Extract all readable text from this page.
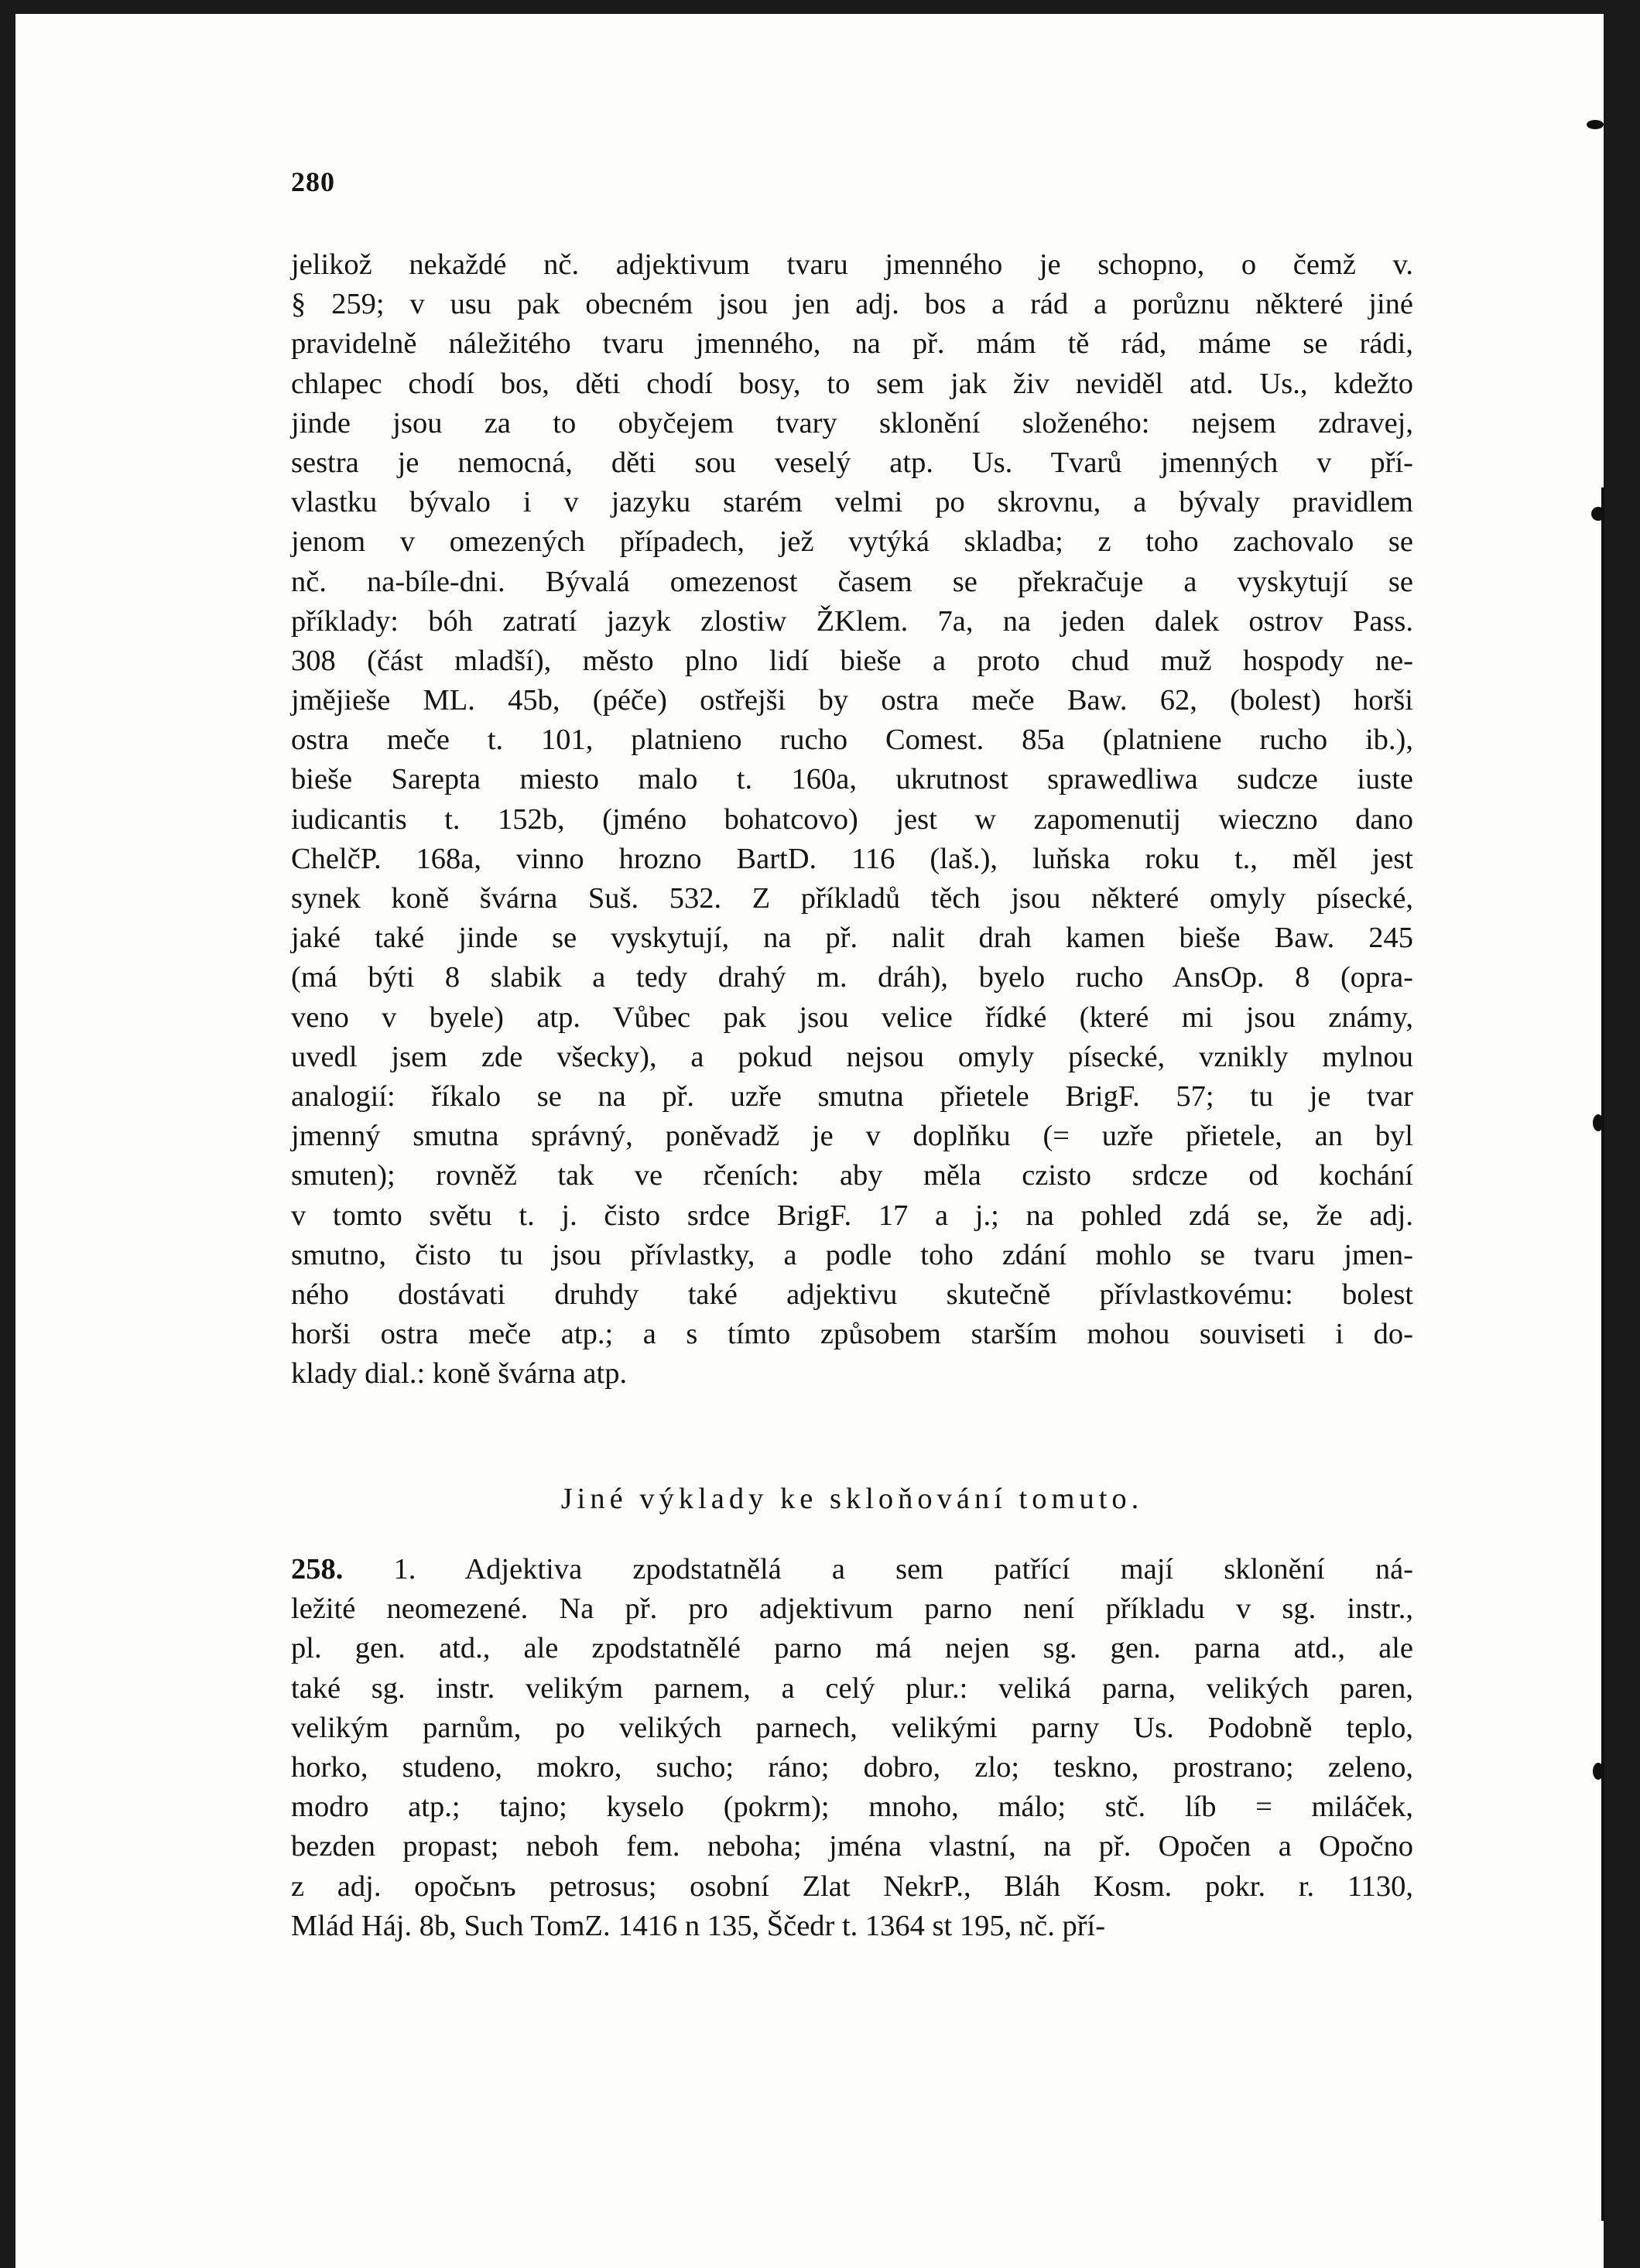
280
jelikož nekaždé nč. adjektivum tvaru jmenného je schopno, o čemž v.
§ 259; v usu pak obecném jsou jen adj. bos a rád a porůznu některé jiné
pravidelně náležitého tvaru jmenného, na př. mám tě rád, máme se rádi,
chlapec chodí bos, děti chodí bosy, to sem jak živ neviděl atd. Us., kdežto
jinde jsou za to obyčejem tvary sklonění složeného: nejsem zdravej,
sestra je nemocná, děti sou veselý atp. Us. Tvarů jmenných v pří-
vlastku bývalo i v jazyku starém velmi po skrovnu, a bývaly pravidlem
jenom v omezených případech, jež vytýká skladba; z toho zachovalo se
nč. na-bíle-dni. Bývalá omezenost časem se překračuje a vyskytují se
příklady: bóh zatratí jazyk zlostiw ŽKlem. 7a, na jeden dalek ostrov Pass.
308 (část mladší), město plno lidí bieše a proto chud muž hospody ne-
jmějieše ML. 45b, (péče) ostřejši by ostra meče Baw. 62, (bolest) horši
ostra meče t. 101, platnieno rucho Comest. 85a (platniene rucho ib.),
bieše Sarepta miesto malo t. 160a, ukrutnost sprawedliwa sudcze iuste
iudicantis t. 152b, (jméno bohatcovo) jest w zapomenutij wieczno dano
ChelčP. 168a, vinno hrozno BartD. 116 (laš.), luňska roku t., měl jest
synek koně švárna Suš. 532. Z příkladů těch jsou některé omyly písecké,
jaké také jinde se vyskytují, na př. nalit drah kamen bieše Baw. 245
(má býti 8 slabik a tedy drahý m. dráh), byelo rucho AnsOp. 8 (opra-
veno v byele) atp. Vůbec pak jsou velice řídké (které mi jsou známy,
uvedl jsem zde všecky), a pokud nejsou omyly písecké, vznikly mylnou
analogií: říkalo se na př. uzře smutna přietele BrigF. 57; tu je tvar
jmenný smutna správný, poněvadž je v doplňku (= uzře přietele, an byl
smuten); rovněž tak ve rčeních: aby měla czisto srdcze od kochání
v tomto světu t. j. čisto srdce BrigF. 17 a j.; na pohled zdá se, že adj.
smutno, čisto tu jsou přívlastky, a podle toho zdání mohlo se tvaru jmen-
ného dostávati druhdy také adjektivu skutečně přívlastkovému: bolest
horši ostra meče atp.; a s tímto způsobem starším mohou souviseti i do-
klady dial.: koně švárna atp.
Jiné výklady ke skloňování tomuto.
258. 1. Adjektiva zpodstatnělá a sem patřící mají sklonění ná-
ležité neomezené. Na př. pro adjektivum parno není příkladu v sg. instr.,
pl. gen. atd., ale zpodstatnělé parno má nejen sg. gen. parna atd., ale
také sg. instr. velikým parnem, a celý plur.: veliká parna, velikých paren,
velikým parnům, po velikých parnech, velikými parny Us. Podobně teplo,
horko, studeno, mokro, sucho; ráno; dobro, zlo; teskno, prostrano; zeleno,
modro atp.; tajno; kyselo (pokrm); mnoho, málo; stč. líb = miláček,
bezden propast; neboh fem. neboha; jména vlastní, na př. Opočen a Opočno
z adj. opočьnъ petrosus; osobní Zlat NekrP., Bláh Kosm. pokr. r. 1130,
Mlád Háj. 8b, Such TomZ. 1416 n 135, Ščedr t. 1364 st 195, nč. pří-
